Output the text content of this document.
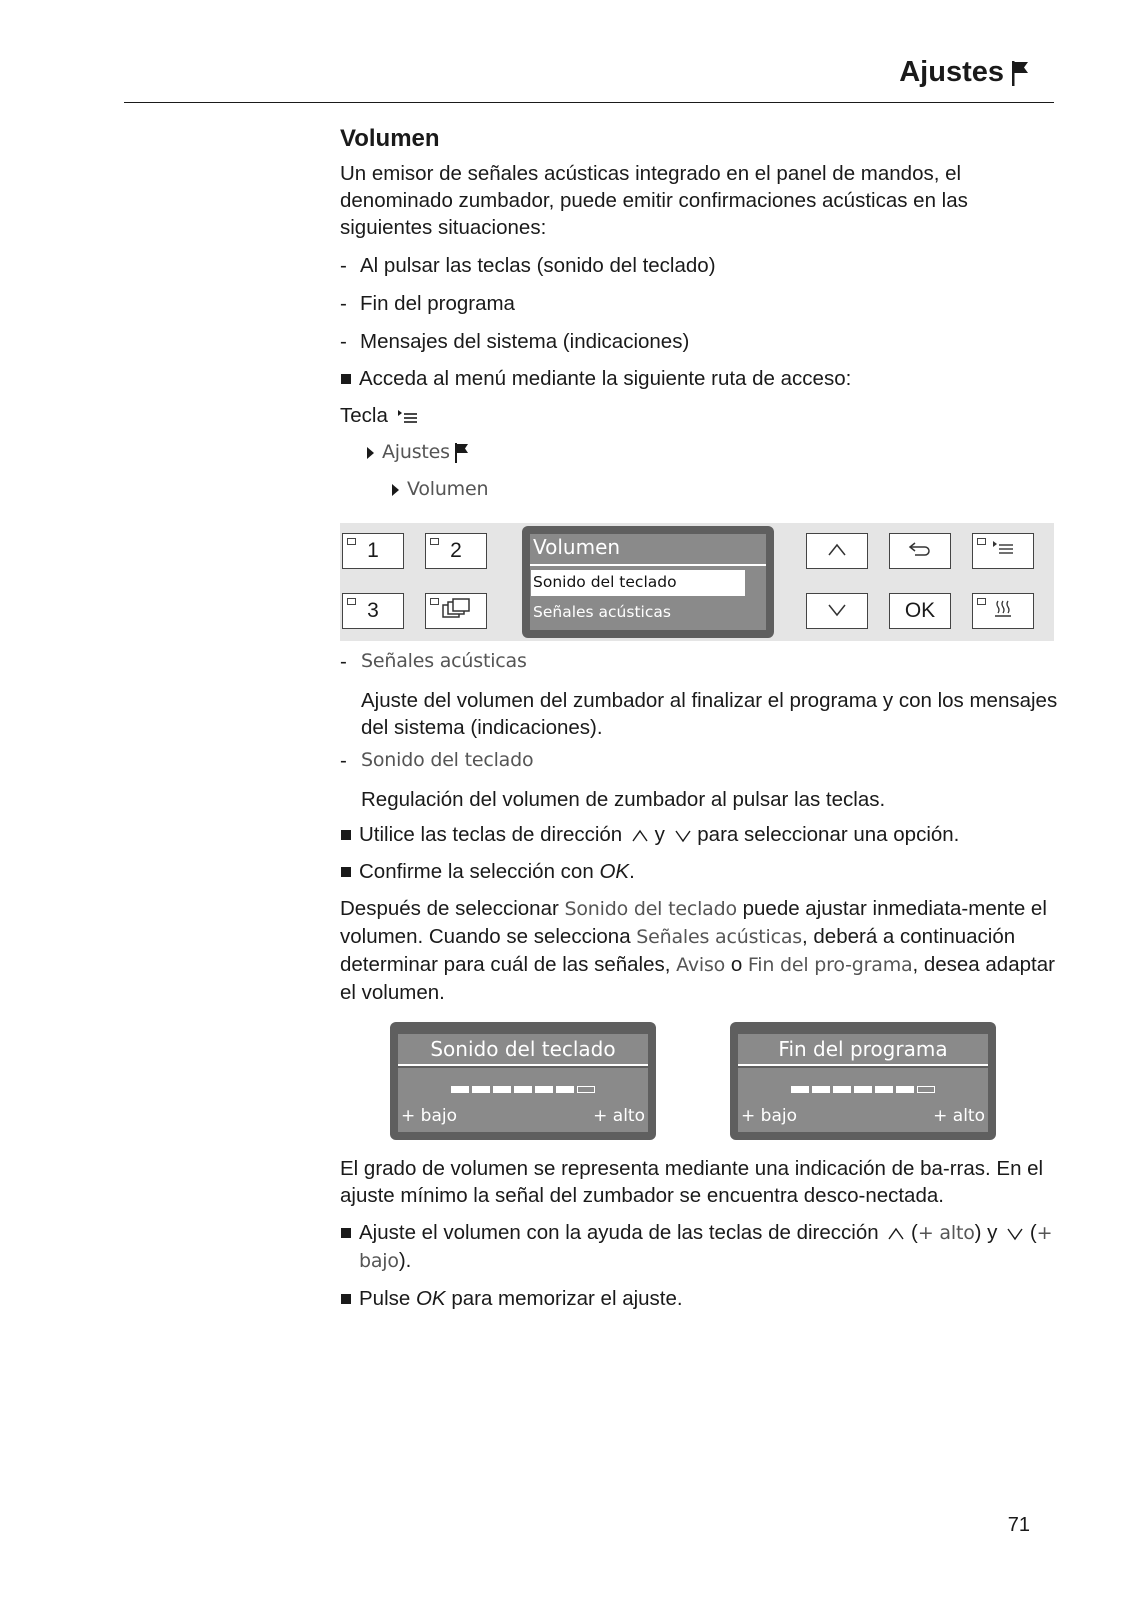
Ajustes
Volumen

Un emisor de señales acústicas integrado en el panel de mandos, el denominado zumbador, puede emitir confirmaciones acústicas en las siguientes situaciones:

- Al pulsar las teclas (sonido del teclado)
- Fin del programa
- Mensajes del sistema (indicaciones)
Acceda al menú mediante la siguiente ruta de acceso:
Tecla
Ajustes
Volumen
1	2
3
Volumen
Sonido del teclado
Señales acústicas	OK
- Señales acústicas

Ajuste del volumen del zumbador al finalizar el programa y con los mensajes del sistema (indicaciones).

- Sonido del teclado

Regulación del volumen de zumbador al pulsar las teclas.

Utilice las teclas de dirección y para seleccionar una opción.
Confirme la selección con OK.

Después de seleccionar Sonido del teclado puede ajustar inmediata-mente el volumen. Cuando se selecciona Señales acústicas, deberá a continuación determinar para cuál de las señales, Aviso o Fin del pro-grama, desea adaptar el volumen.

Sonido del teclado
+ bajo	+ alto
Fin del programa
+ bajo	+ alto

El grado de volumen se representa mediante una indicación de ba-rras. En el ajuste mínimo la señal del zumbador se encuentra desco-nectada.

Ajuste el volumen con la ayuda de las teclas de dirección (+ alto) y (+ bajo).
Pulse OK para memorizar el ajuste.
71
